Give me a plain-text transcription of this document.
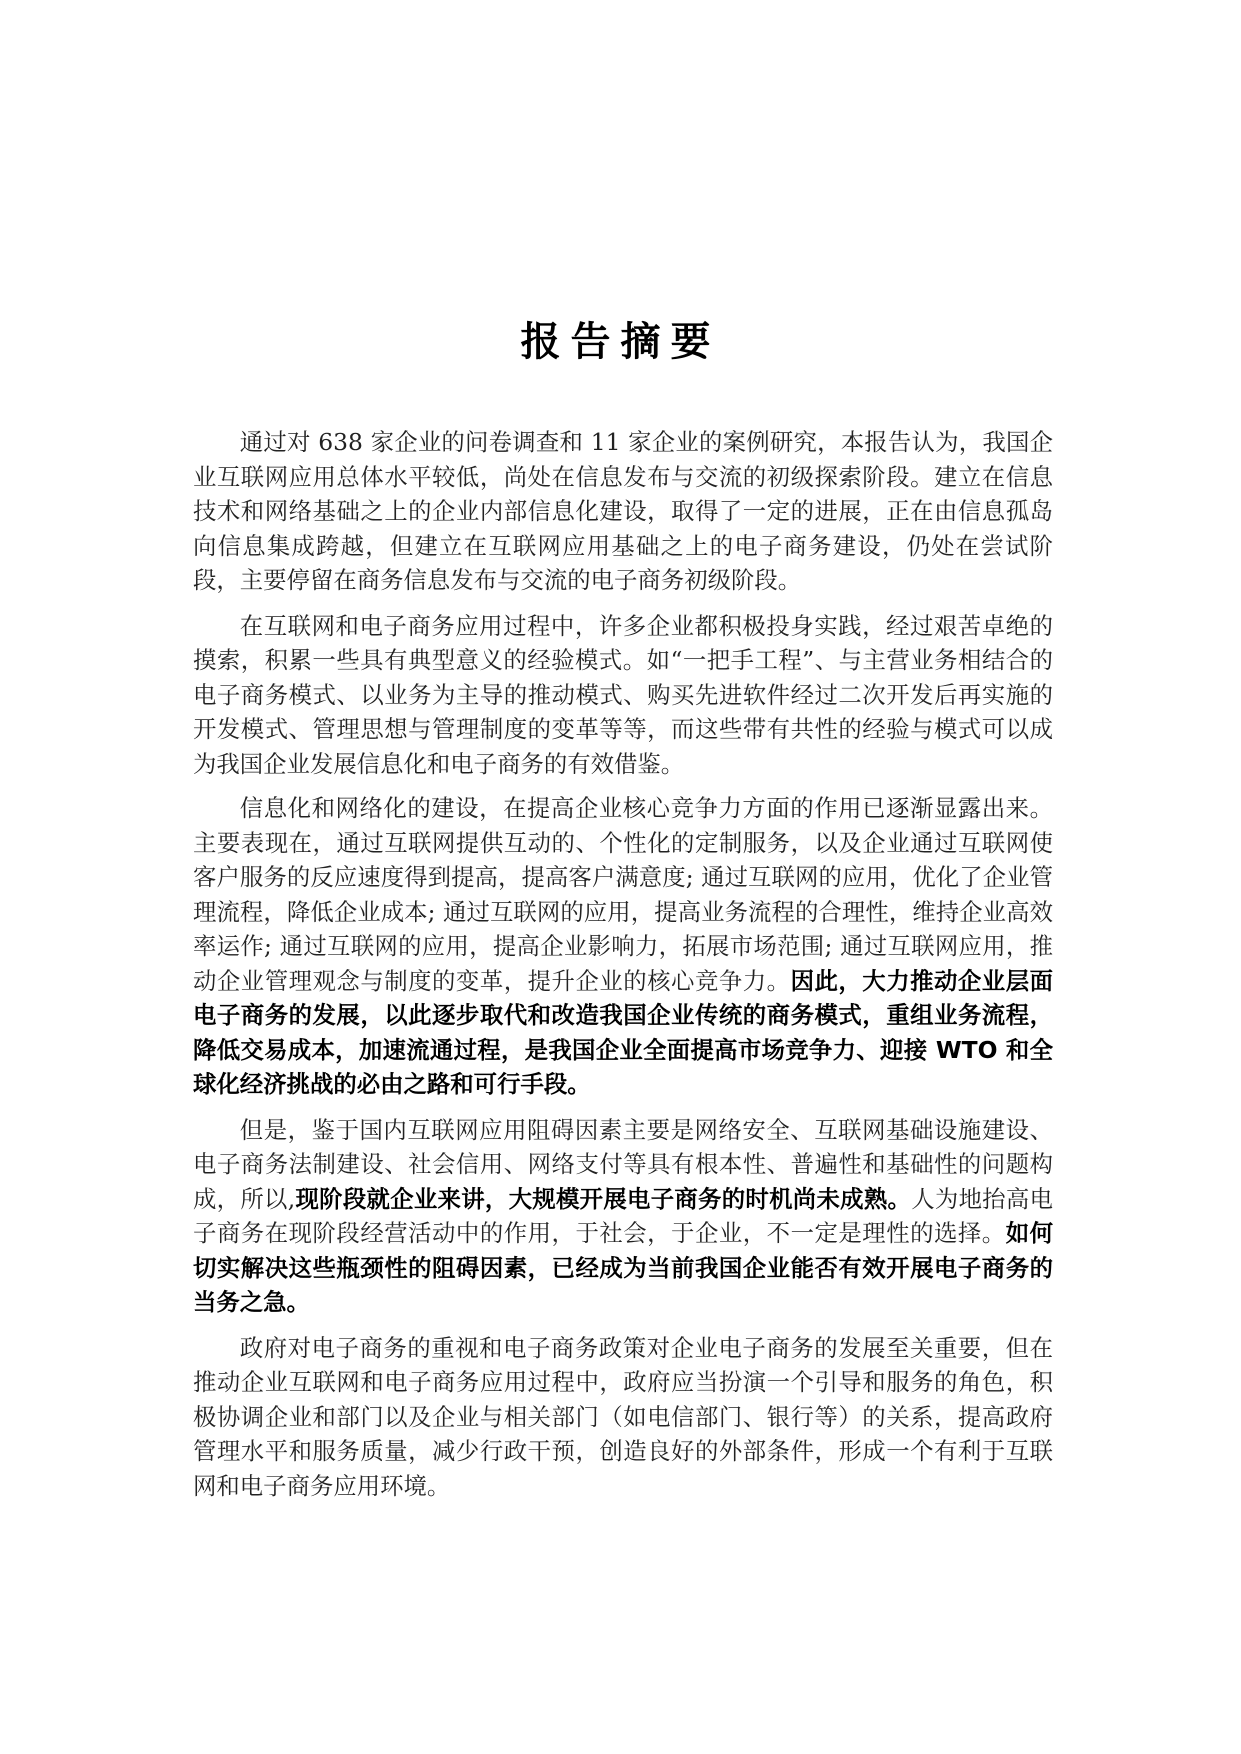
报告摘要

通过对 638 家企业的问卷调查和 11 家企业的案例研究，本报告认为，我国企业互联网应用总体水平较低，尚处在信息发布与交流的初级探索阶段。建立在信息技术和网络基础之上的企业内部信息化建设，取得了一定的进展，正在由信息孤岛向信息集成跨越，但建立在互联网应用基础之上的电子商务建设，仍处在尝试阶段，主要停留在商务信息发布与交流的电子商务初级阶段。

在互联网和电子商务应用过程中，许多企业都积极投身实践，经过艰苦卓绝的摸索，积累一些具有典型意义的经验模式。如“一把手工程”、与主营业务相结合的电子商务模式、以业务为主导的推动模式、购买先进软件经过二次开发后再实施的开发模式、管理思想与管理制度的变革等等，而这些带有共性的经验与模式可以成为我国企业发展信息化和电子商务的有效借鉴。

信息化和网络化的建设，在提高企业核心竞争力方面的作用已逐渐显露出来。主要表现在，通过互联网提供互动的、个性化的定制服务，以及企业通过互联网使客户服务的反应速度得到提高，提高客户满意度; 通过互联网的应用，优化了企业管理流程，降低企业成本; 通过互联网的应用，提高业务流程的合理性，维持企业高效率运作; 通过互联网的应用，提高企业影响力，拓展市场范围; 通过互联网应用，推动企业管理观念与制度的变革，提升企业的核心竞争力。因此，大力推动企业层面电子商务的发展，以此逐步取代和改造我国企业传统的商务模式，重组业务流程，降低交易成本，加速流通过程，是我国企业全面提高市场竞争力、迎接 WTO 和全球化经济挑战的必由之路和可行手段。

但是，鉴于国内互联网应用阻碍因素主要是网络安全、互联网基础设施建设、电子商务法制建设、社会信用、网络支付等具有根本性、普遍性和基础性的问题构成，所以,现阶段就企业来讲，大规模开展电子商务的时机尚未成熟。人为地抬高电子商务在现阶段经营活动中的作用，于社会，于企业，不一定是理性的选择。如何切实解决这些瓶颈性的阻碍因素，已经成为当前我国企业能否有效开展电子商务的当务之急。

政府对电子商务的重视和电子商务政策对企业电子商务的发展至关重要，但在推动企业互联网和电子商务应用过程中，政府应当扮演一个引导和服务的角色，积极协调企业和部门以及企业与相关部门（如电信部门、银行等）的关系，提高政府管理水平和服务质量，减少行政干预，创造良好的外部条件，形成一个有利于互联网和电子商务应用环境。
